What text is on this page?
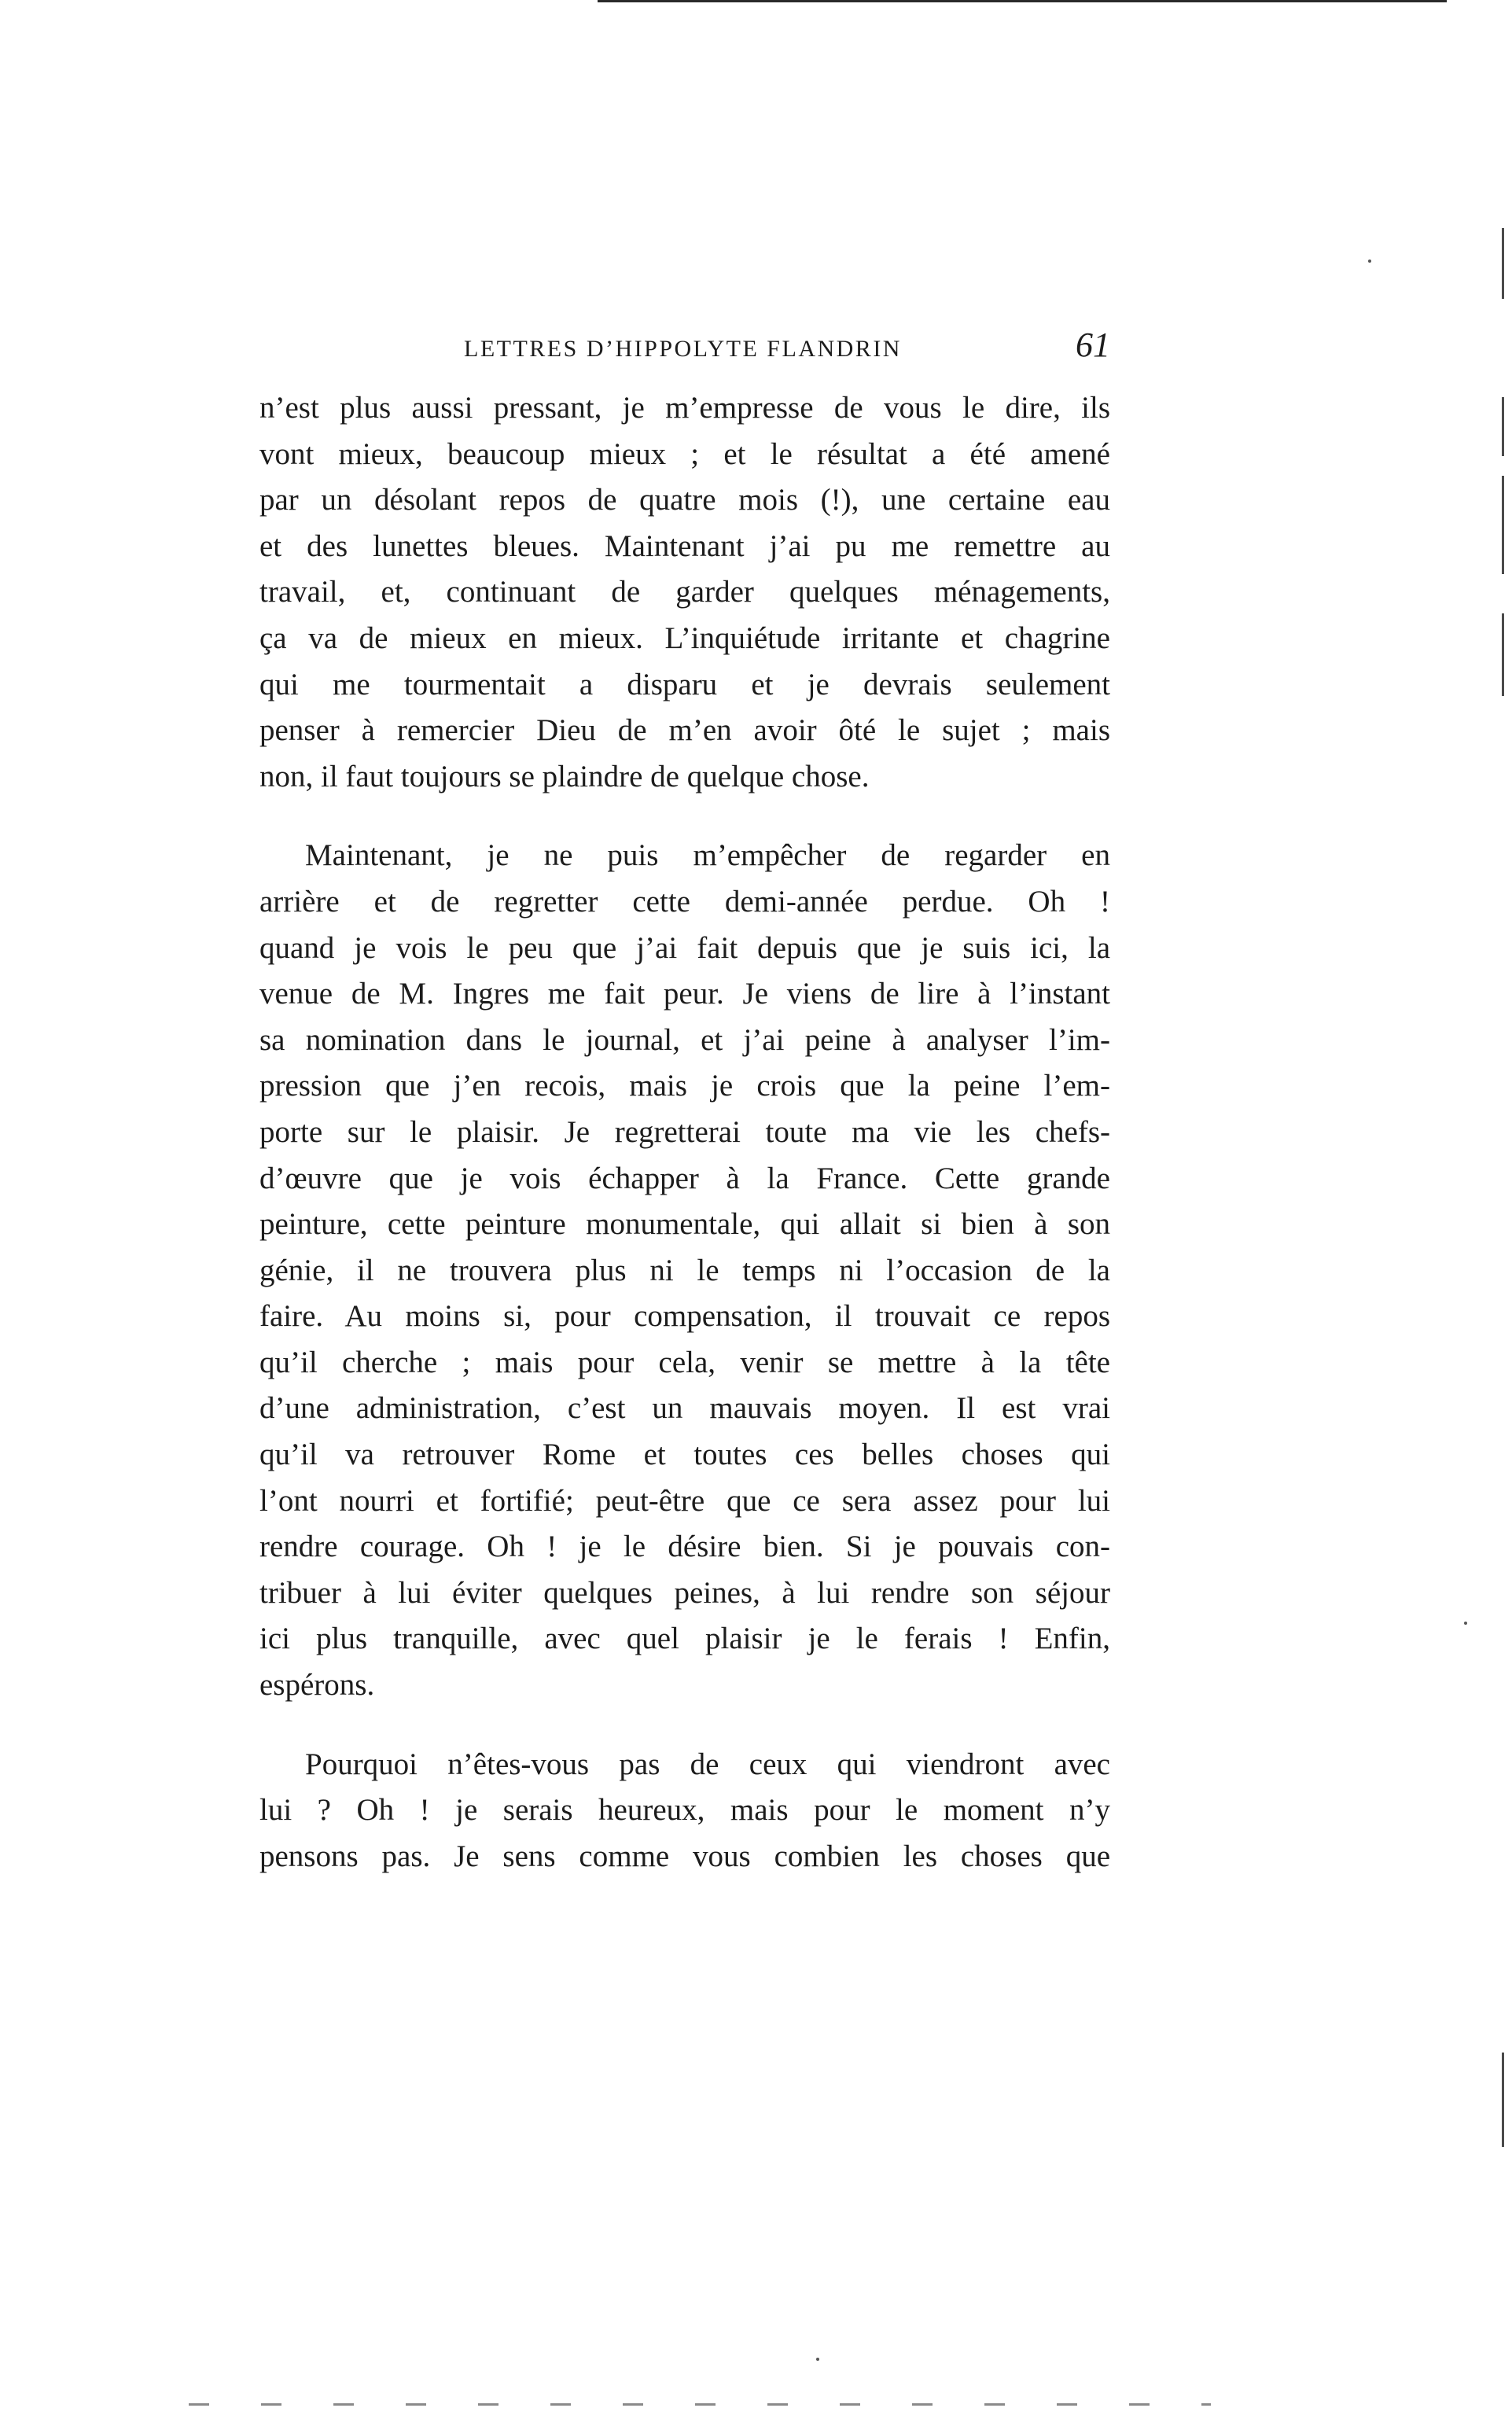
LETTRES D’HIPPOLYTE FLANDRIN	61

n’est plus aussi pressant, je m’empresse de vous le dire, ils
vont mieux, beaucoup mieux ; et le résultat a été amené
par un désolant repos de quatre mois (!), une certaine eau
et des lunettes bleues. Maintenant j’ai pu me remettre au
travail, et, continuant de garder quelques ménagements,
ça va de mieux en mieux. L’inquiétude irritante et chagrine
qui me tourmentait a disparu et je devrais seulement
penser à remercier Dieu de m’en avoir ôté le sujet ; mais
non, il faut toujours se plaindre de quelque chose.

Maintenant, je ne puis m’empêcher de regarder en
arrière et de regretter cette demi-année perdue. Oh !
quand je vois le peu que j’ai fait depuis que je suis ici, la
venue de M. Ingres me fait peur. Je viens de lire à l’instant
sa nomination dans le journal, et j’ai peine à analyser l’im-
pression que j’en recois, mais je crois que la peine l’em-
porte sur le plaisir. Je regretterai toute ma vie les chefs-
d’œuvre que je vois échapper à la France. Cette grande
peinture, cette peinture monumentale, qui allait si bien à son
génie, il ne trouvera plus ni le temps ni l’occasion de la
faire. Au moins si, pour compensation, il trouvait ce repos
qu’il cherche ; mais pour cela, venir se mettre à la tête
d’une administration, c’est un mauvais moyen. Il est vrai
qu’il va retrouver Rome et toutes ces belles choses qui
l’ont nourri et fortifié; peut-être que ce sera assez pour lui
rendre courage. Oh ! je le désire bien. Si je pouvais con-
tribuer à lui éviter quelques peines, à lui rendre son séjour
ici plus tranquille, avec quel plaisir je le ferais ! Enfin,
espérons.

Pourquoi n’êtes-vous pas de ceux qui viendront avec
lui ? Oh ! je serais heureux, mais pour le moment n’y
pensons pas. Je sens comme vous combien les choses que
